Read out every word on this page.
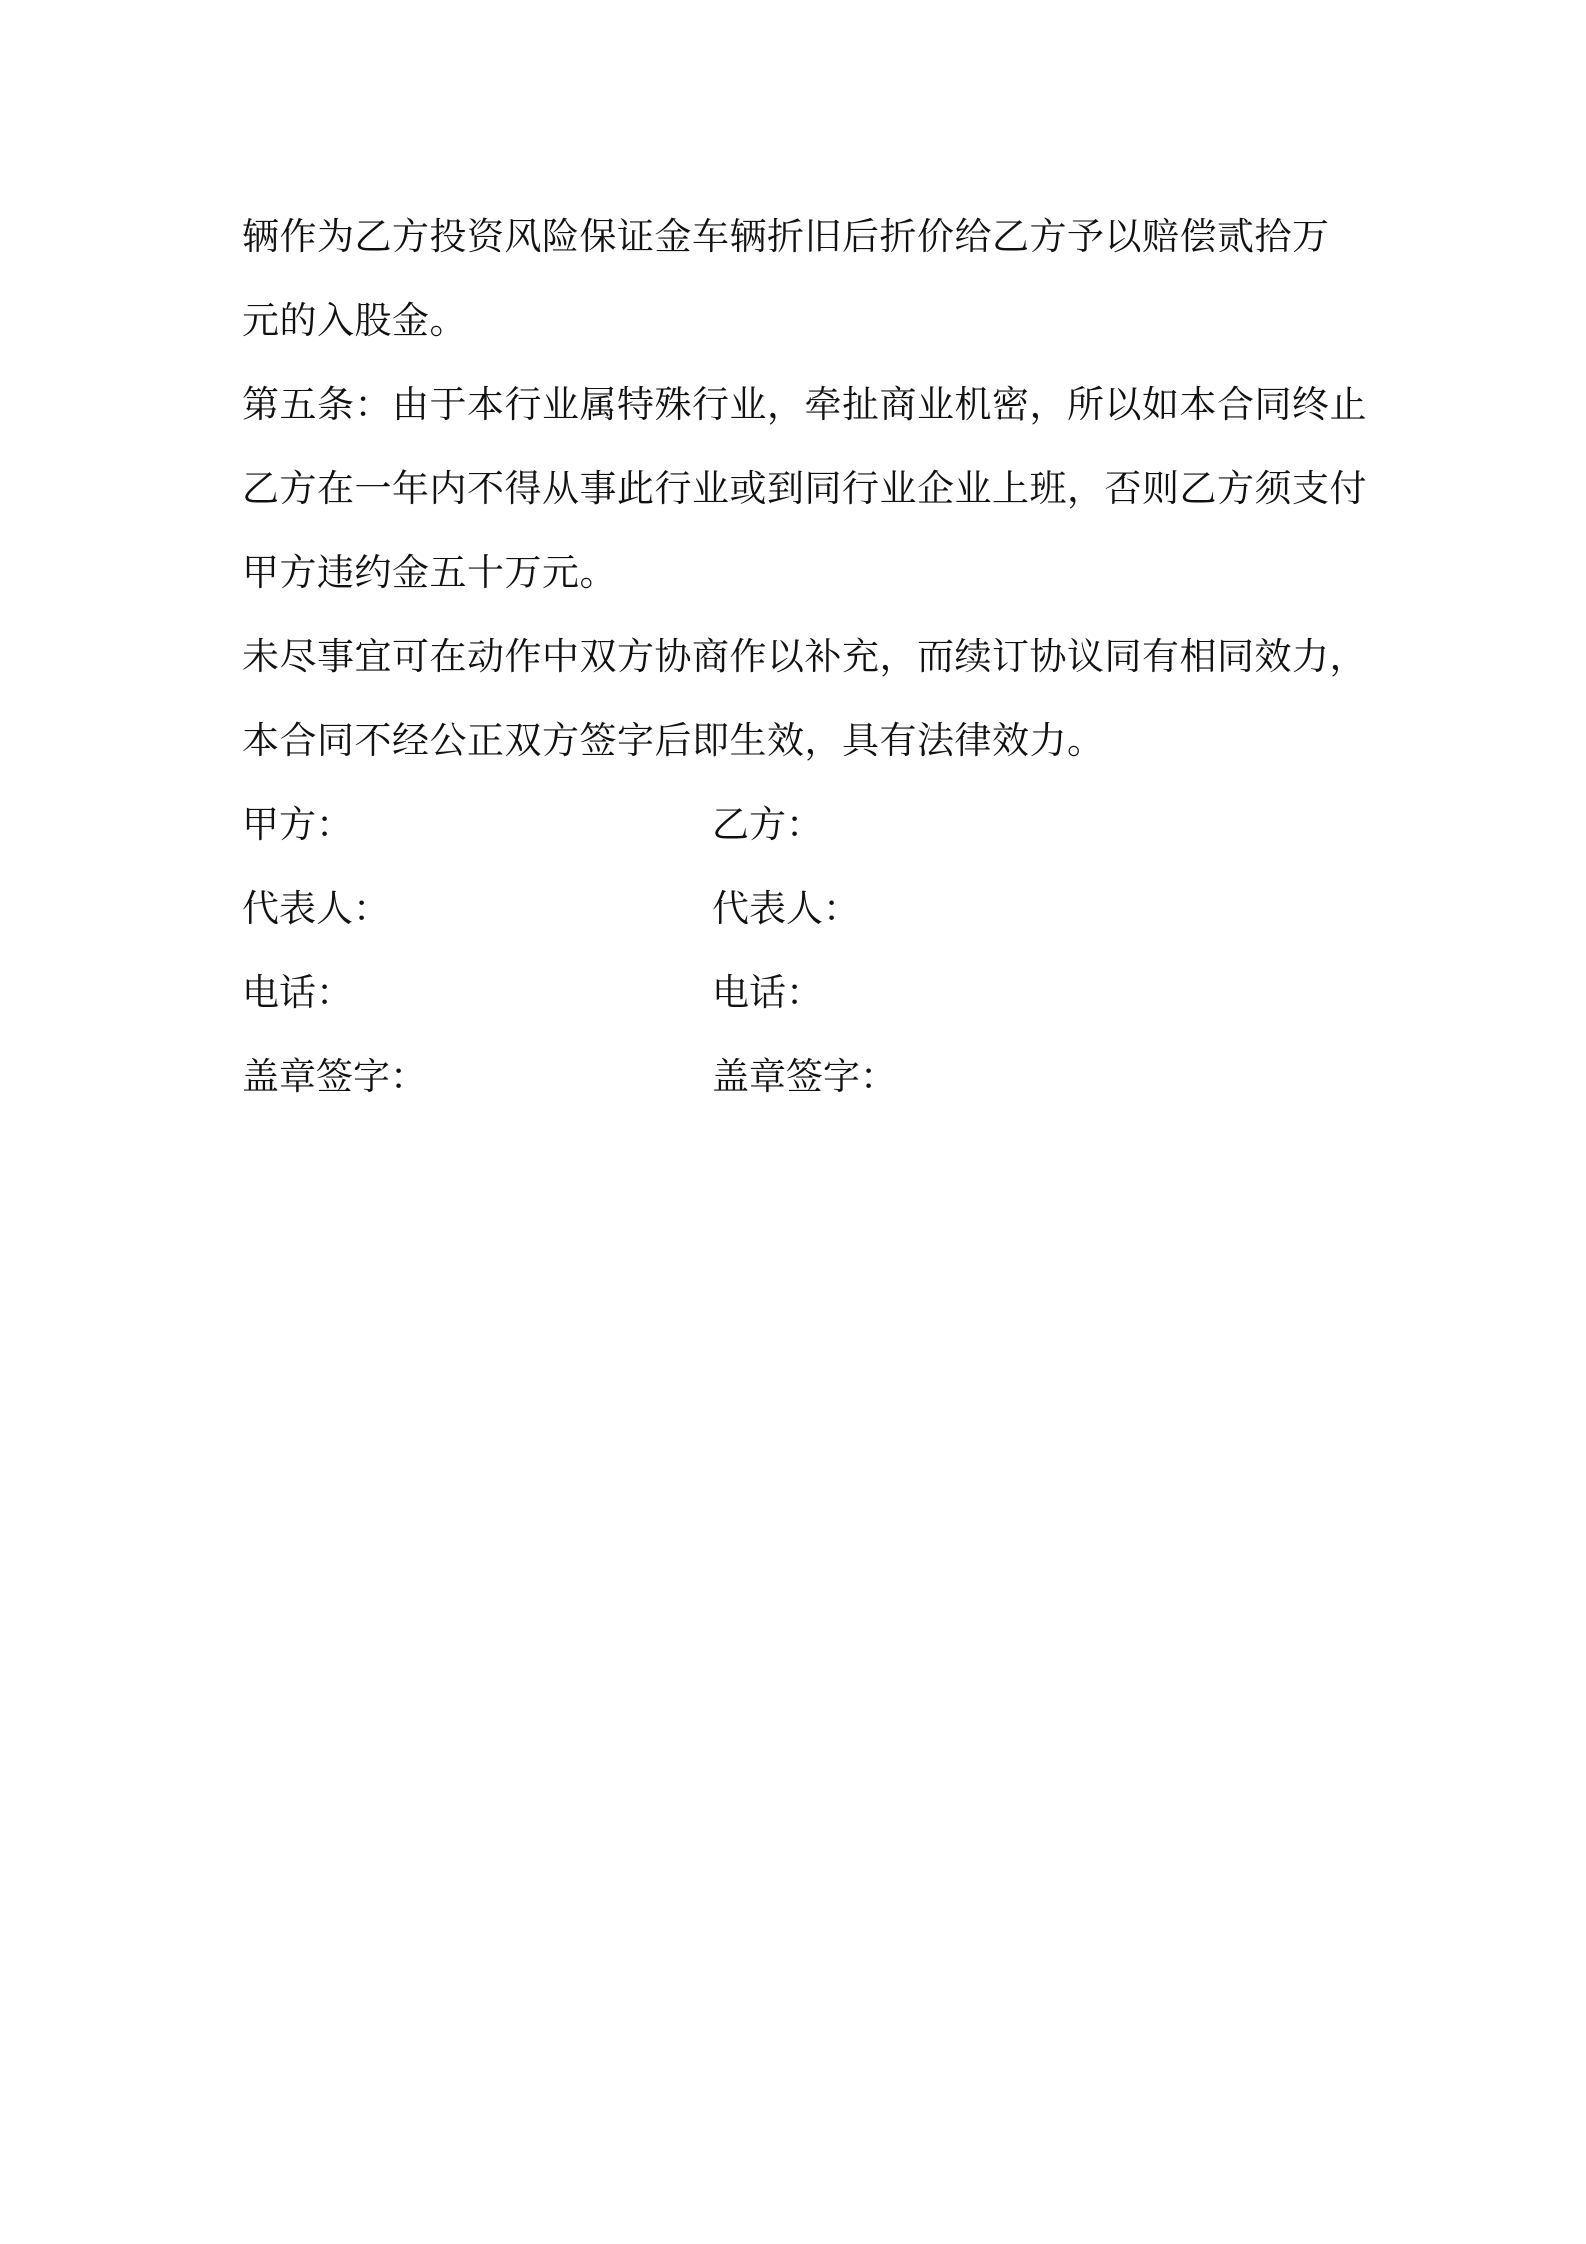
辆作为乙方投资风险保证金车辆折旧后折价给乙方予以赔偿贰拾万
元的入股金。
第五条：由于本行业属特殊行业，牵扯商业机密，所以如本合同终止
乙方在一年内不得从事此行业或到同行业企业上班，否则乙方须支付
甲方违约金五十万元。
未尽事宜可在动作中双方协商作以补充，而续订协议同有相同效力，
本合同不经公正双方签字后即生效，具有法律效力。
甲方：	乙方：
代表人：	代表人：
电话：	电话：
盖章签字：	盖章签字：
